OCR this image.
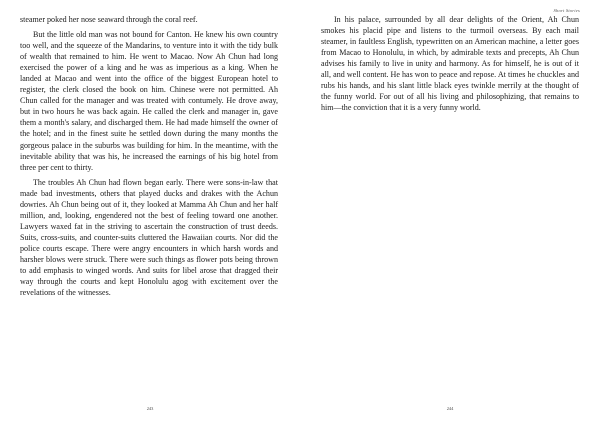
steamer poked her nose seaward through the coral reef.

But the little old man was not bound for Canton. He knew his own country too well, and the squeeze of the Mandarins, to venture into it with the tidy bulk of wealth that remained to him. He went to Macao. Now Ah Chun had long exercised the power of a king and he was as imperious as a king. When he landed at Macao and went into the office of the biggest European hotel to register, the clerk closed the book on him. Chinese were not permitted. Ah Chun called for the manager and was treated with contumely. He drove away, but in two hours he was back again. He called the clerk and manager in, gave them a month's salary, and discharged them. He had made himself the owner of the hotel; and in the finest suite he settled down during the many months the gorgeous palace in the suburbs was building for him. In the meantime, with the inevitable ability that was his, he increased the earnings of his big hotel from three per cent to thirty.

The troubles Ah Chun had flown began early. There were sons-in-law that made bad investments, others that played ducks and drakes with the Achun dowries. Ah Chun being out of it, they looked at Mamma Ah Chun and her half million, and, looking, engendered not the best of feeling toward one another. Lawyers waxed fat in the striving to ascertain the construction of trust deeds. Suits, cross-suits, and counter-suits cluttered the Hawaiian courts. Nor did the police courts escape. There were angry encounters in which harsh words and harsher blows were struck. There were such things as flower pots being thrown to add emphasis to winged words. And suits for libel arose that dragged their way through the courts and kept Honolulu agog with excitement over the revelations of the witnesses.

243
Short Stories

In his palace, surrounded by all dear delights of the Orient, Ah Chun smokes his placid pipe and listens to the turmoil overseas. By each mail steamer, in faultless English, typewritten on an American machine, a letter goes from Macao to Honolulu, in which, by admirable texts and precepts, Ah Chun advises his family to live in unity and harmony. As for himself, he is out of it all, and well content. He has won to peace and repose. At times he chuckles and rubs his hands, and his slant little black eyes twinkle merrily at the thought of the funny world. For out of all his living and philosophizing, that remains to him—the conviction that it is a very funny world.

244
